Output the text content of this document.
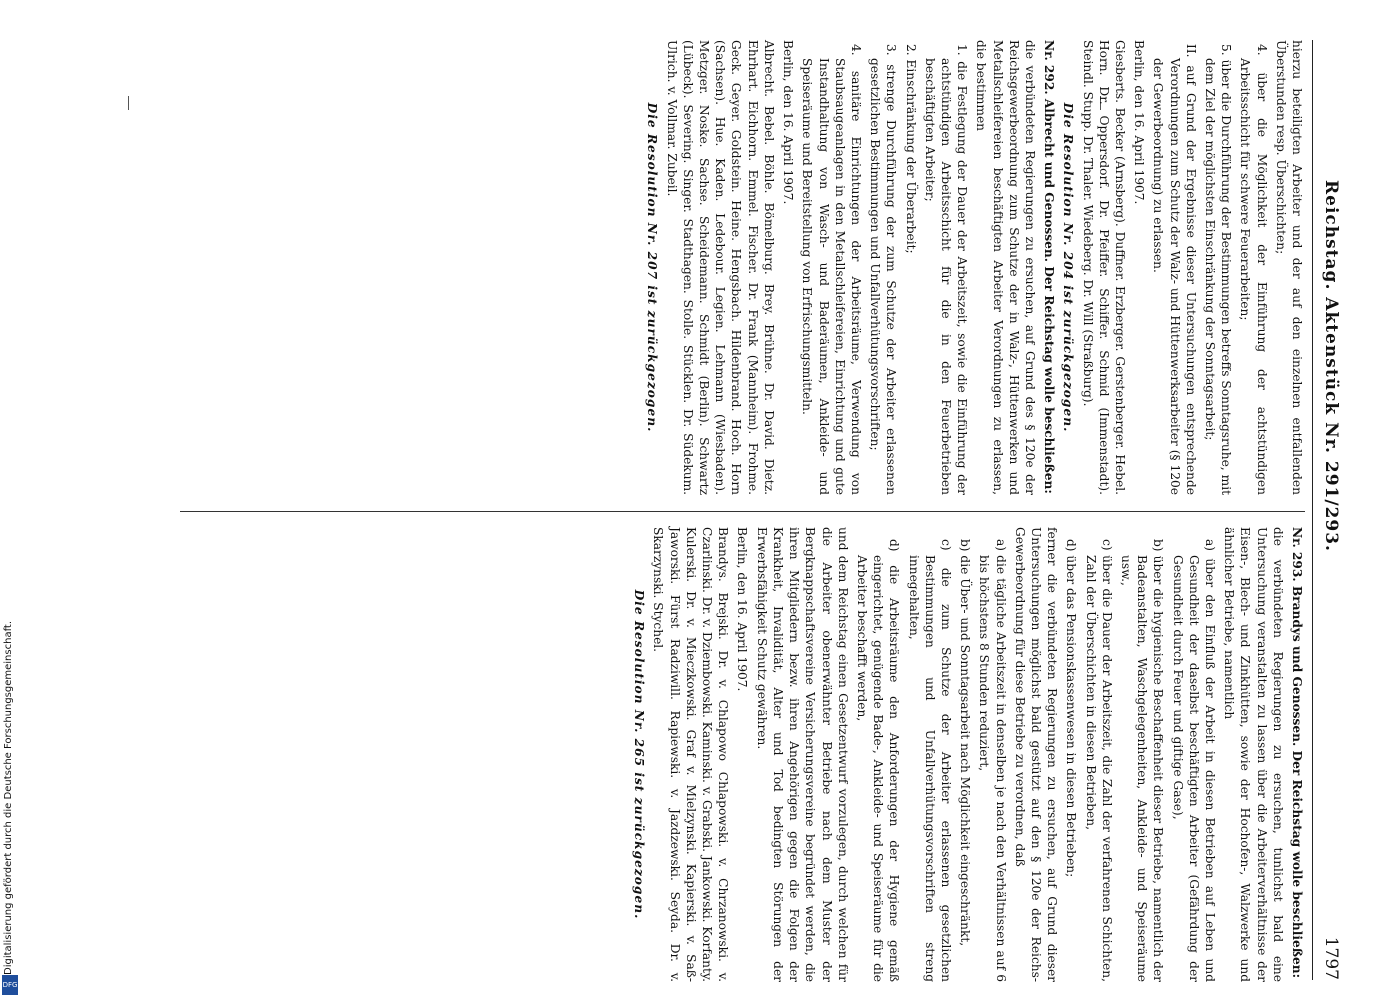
Digitalisierung gefördert durch die Deutsche Forschungsgemeinschaft.
DFG
Reichstag. Aktenstück Nr. 291/293.
1797

hierzu beteiligten Arbeiter und der auf den einzelnen entfallenden Überstunden resp. Überschichten;

4. über die Möglichkeit der Einführung der achtstündigen Arbeitsschicht für schwere Feuerarbeiten;

5. über die Durchführung der Bestimmungen betreffs Sonntagsruhe, mit dem Ziel der möglichsten Einschränkung der Sonntagsarbeit;

II. auf Grund der Ergebnisse dieser Untersuchungen entsprechende Verordnungen zum Schutz der Walz- und Hüttenwerksarbeiter (§ 120e der Gewerbeordnung) zu erlassen.

Berlin, den 16. April 1907.

Giesberts. Becker (Arnsberg). Duffner. Erzberger. Gerstenberger. Hebel. Horn. Dr. Oppersdorf. Dr. Pfeiffer. Schiffer. Schmid (Immenstadt). Steindl. Stupp. Dr. Thaler. Wiedeberg. Dr. Will (Straßburg).

Die Resolution Nr. 204 ist zurückgezogen.

Nr. 292. Albrecht und Genossen. Der Reichstag wolle beschließen:

die verbündeten Regierungen zu ersuchen, auf Grund des § 120e der Reichsgewerbeordnung zum Schutze der in Walz-, Hüttenwerken und Metallschleifereien beschäftigten Arbeiter Verordnungen zu erlassen, die bestimmen

1. die Festlegung der Dauer der Arbeitszeit, sowie die Einführung der achtstündigen Arbeitsschicht für die in den Feuerbetrieben beschäftigten Arbeiter;

2. Einschränkung der Überarbeit;

3. strenge Durchführung der zum Schutze der Arbeiter erlassenen gesetzlichen Bestimmungen und Unfallverhütungsvorschriften;

4. sanitäre Einrichtungen der Arbeitsräume, Verwendung von Staubsaugeanlagen in den Metallschleifereien, Einrichtung und gute Instandhaltung von Wasch- und Baderäumen, Ankleide- und Speiseräume und Bereitstellung von Erfrischungsmitteln.

Berlin, den 16. April 1907.

Albrecht. Bebel. Böhle. Bömelburg. Brey. Brühne. Dr. David. Dietz. Ehrhart. Eichhorn. Emmel. Fischer. Dr. Frank (Mannheim). Frohme. Geck. Geyer. Goldstein. Heine. Hengsbach. Hildenbrand. Hoch. Horn (Sachsen). Hue. Kaden. Ledebour. Legien. Lehmann (Wiesbaden). Metzger. Noske. Sachse. Scheidemann. Schmidt (Berlin). Schwartz (Lübeck). Severing. Singer. Stadthagen. Stolle. Stücklen. Dr. Südekum. Ulrich. v. Vollmar. Zubeil.

Die Resolution Nr. 207 ist zurückgezogen.

Nr. 293. Brandys und Genossen. Der Reichstag wolle beschließen:

die verbündeten Regierungen zu ersuchen, tunlichst bald eine Untersuchung veranstalten zu lassen über die Arbeiterverhältnisse der Eisen-, Blech- und Zinkhütten, sowie der Hochofen-, Walzwerke und ähnlicher Betriebe, namentlich

a) über den Einfluß der Arbeit in diesen Betrieben auf Leben und Gesundheit der daselbst beschäftigten Arbeiter (Gefährdung der Gesundheit durch Feuer und giftige Gase),

b) über die hygienische Beschaffenheit dieser Betriebe, namentlich der Badeanstalten, Waschgelegenheiten, Ankleide- und Speiseräume usw.,

c) über die Dauer der Arbeitszeit, die Zahl der verfahrenen Schichten, Zahl der Überschichten in diesen Betrieben,

d) über das Pensionskassenwesen in diesen Betrieben;

ferner die verbündeten Regierungen zu ersuchen, auf Grund dieser Untersuchungen möglichst bald gestützt auf den § 120e der Reichs-Gewerbeordnung für diese Betriebe zu verordnen, daß

a) die tägliche Arbeitszeit in denselben je nach den Verhältnissen auf 6 bis höchstens 8 Stunden reduziert,

b) die Über- und Sonntagsarbeit nach Möglichkeit eingeschränkt,

c) die zum Schutze der Arbeiter erlassenen gesetzlichen Bestimmungen und Unfallverhütungsvorschriften streng innegehalten,

d) die Arbeitsräume den Anforderungen der Hygiene gemäß eingerichtet, genügende Bade-, Ankleide- und Speiseräume für die Arbeiter beschafft werden,

und dem Reichstag einen Gesetzentwurf vorzulegen, durch welchen für die Arbeiter obenerwähnter Betriebe nach dem Muster der Bergknappschaftsvereine Versicherungsvereine begründet werden, die ihren Mitgliedern bezw. ihren Angehörigen gegen die Folgen der Krankheit, Invalidität, Alter und Tod bedingten Störungen der Erwerbsfähigkeit Schutz gewähren.

Berlin, den 16. April 1907.

Brandys. Brejski. Dr. v. Chlapowo Chlapowski. v. Chrzanowski. v. Czarlinski. Dr. v. Dziembowski. Kaminski. v. Grabski. Jankowski. Korfanty. Kulerski. Dr. v. Mieczkowski. Graf v. Mielzynski. Kapierski. v. Saß-Jaworski. Fürst Radziwill. Rapiewski. v. Jazdzewski. Seyda. Dr. v. Skarzynski. Stychel.

Die Resolution Nr. 265 ist zurückgezogen.
